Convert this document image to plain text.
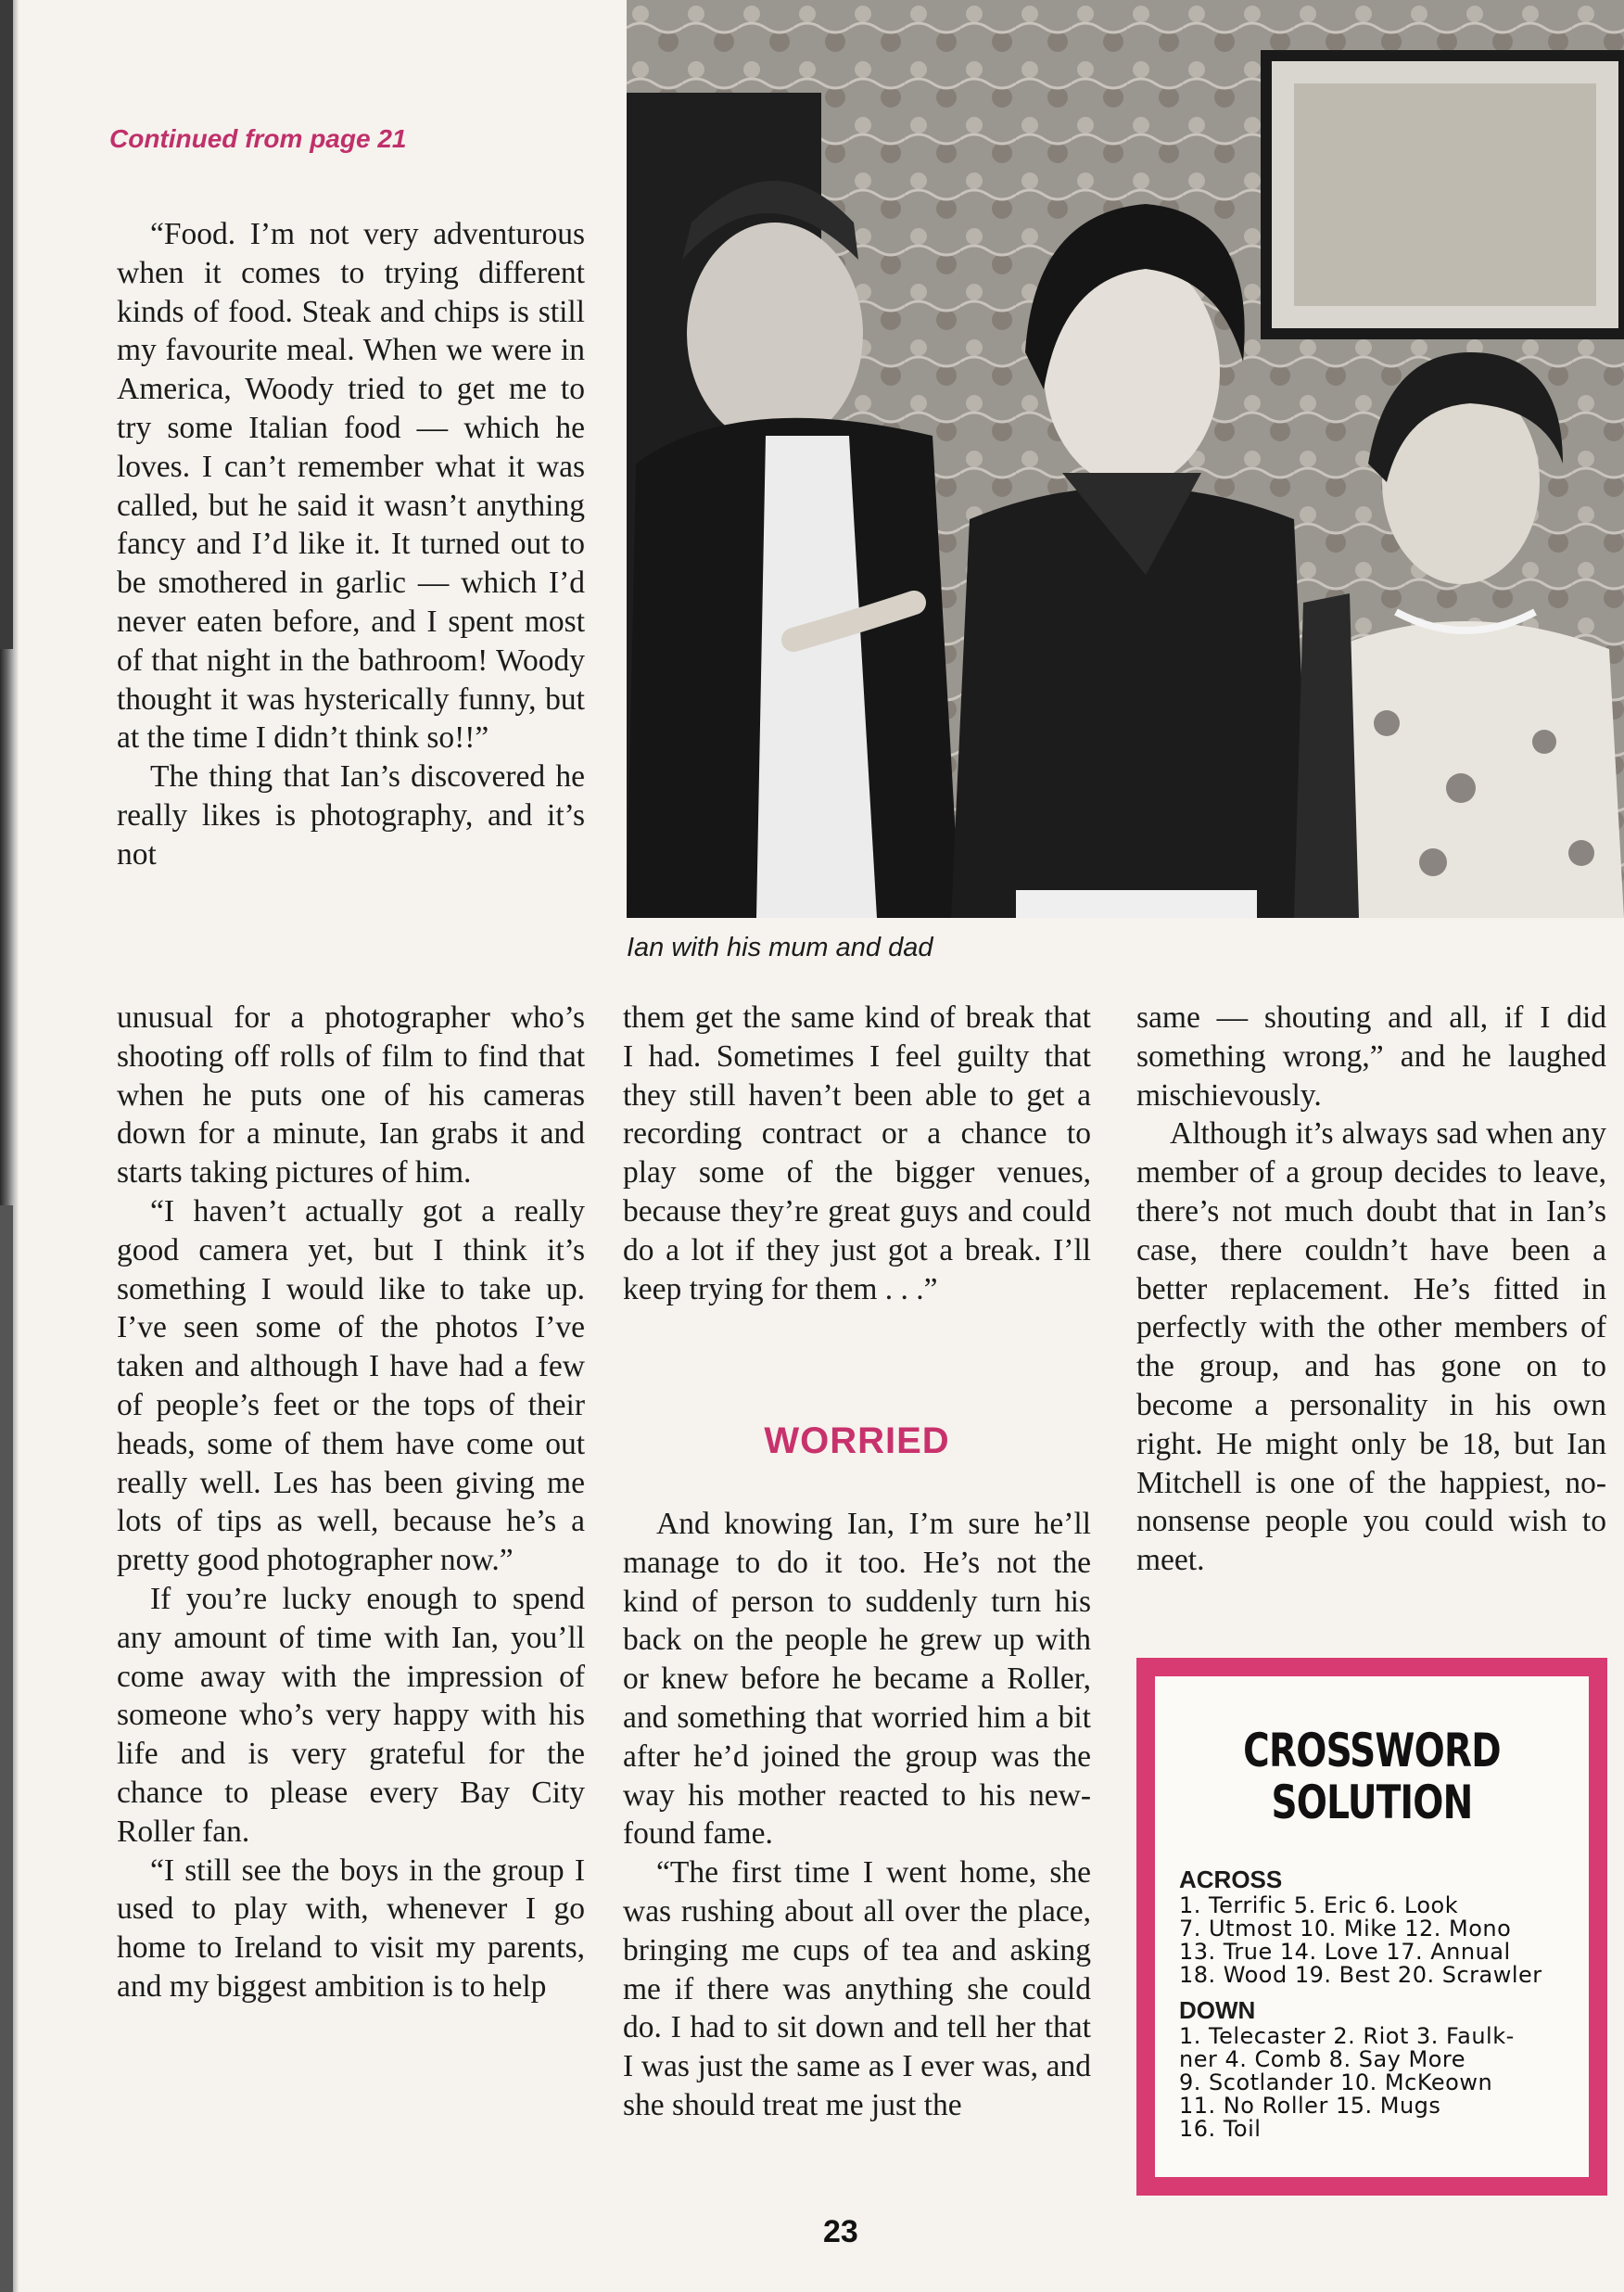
Continued from page 21

“Food. I’m not very adventurous when it comes to trying different kinds of food. Steak and chips is still my favourite meal. When we were in America, Woody tried to get me to try some Italian food — which he loves. I can’t remember what it was called, but he said it wasn’t anything fancy and I’d like it. It turned out to be smothered in garlic — which I’d never eaten before, and I spent most of that night in the bathroom! Woody thought it was hysterically funny, but at the time I didn’t think so!!”

The thing that Ian’s discovered he really likes is photography, and it’s not

Ian with his mum and dad

unusual for a photographer who’s shooting off rolls of film to find that when he puts one of his cameras down for a minute, Ian grabs it and starts taking pictures of him.

“I haven’t actually got a really good camera yet, but I think it’s something I would like to take up. I’ve seen some of the photos I’ve taken and although I have had a few of people’s feet or the tops of their heads, some of them have come out really well. Les has been giving me lots of tips as well, because he’s a pretty good photographer now.”

If you’re lucky enough to spend any amount of time with Ian, you’ll come away with the impression of someone who’s very happy with his life and is very grateful for the chance to please every Bay City Roller fan.

“I still see the boys in the group I used to play with, whenever I go home to Ireland to visit my parents, and my biggest ambition is to help

them get the same kind of break that I had. Sometimes I feel guilty that they still haven’t been able to get a recording contract or a chance to play some of the bigger venues, because they’re great guys and could do a lot if they just got a break. I’ll keep trying for them . . .”

WORRIED

And knowing Ian, I’m sure he’ll manage to do it too. He’s not the kind of person to suddenly turn his back on the people he grew up with or knew before he became a Roller, and something that worried him a bit after he’d joined the group was the way his mother reacted to his new-found fame.

“The first time I went home, she was rushing about all over the place, bringing me cups of tea and asking me if there was anything she could do. I had to sit down and tell her that I was just the same as I ever was, and she should treat me just the

same — shouting and all, if I did something wrong,” and he laughed mischievously.

Although it’s always sad when any member of a group decides to leave, there’s not much doubt that in Ian’s case, there couldn’t have been a better replacement. He’s fitted in perfectly with the other members of the group, and has gone on to become a personality in his own right. He might only be 18, but Ian Mitchell is one of the happiest, no-nonsense people you could wish to meet.

CROSSWORD

SOLUTION

ACROSS

1. Terrific 5. Eric 6. Look

7. Utmost 10. Mike 12. Mono

13. True 14. Love 17. Annual

18. Wood 19. Best 20. Scrawler

DOWN

1. Telecaster 2. Riot 3. Faulk-

ner 4. Comb 8. Say More

9. Scotlander 10. McKeown

11. No Roller 15. Mugs

16. Toil

23
